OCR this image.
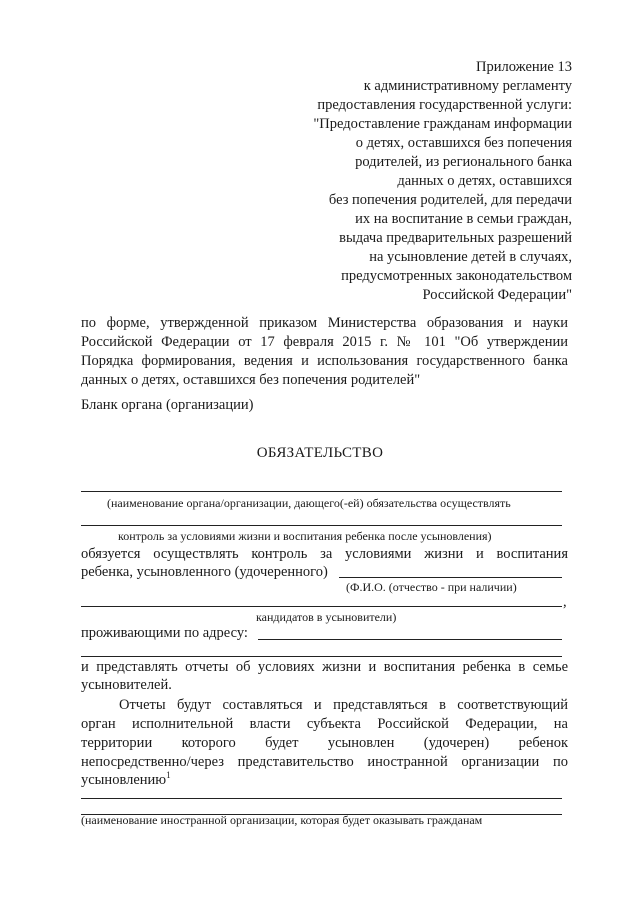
Приложение 13

к административному регламенту

предоставления государственной услуги:

"Предоставление гражданам информации

о детях, оставшихся без попечения

родителей, из регионального банка

данных о детях, оставшихся

без попечения родителей, для передачи

их на воспитание в семьи граждан,

выдача предварительных разрешений

на усыновление детей в случаях,

предусмотренных законодательством

Российской Федерации"

по форме, утвержденной приказом Министерства образования и науки

Российской Федерации от 17 февраля 2015 г. № 101 "Об утверждении

Порядка формирования, ведения и использования государственного банка

данных о детях, оставшихся без попечения родителей"

Бланк органа (организации)

ОБЯЗАТЕЛЬСТВО

(наименование органа/организации, дающего(-ей) обязательства осуществлять

контроль за условиями жизни и воспитания ребенка после усыновления)

обязуется осуществлять контроль за условиями жизни и воспитания

ребенка, усыновленного (удочеренного)

(Ф.И.О. (отчество - при наличии)

,

кандидатов в усыновители)

проживающими по адресу:

и представлять отчеты об условиях жизни и воспитания ребенка в семье

усыновителей.

Отчеты будут составляться и представляться в соответствующий

орган исполнительной власти субъекта Российской Федерации, на

территории которого будет усыновлен (удочерен) ребенок

непосредственно/через представительство иностранной организации по

усыновлению$^1$

(наименование иностранной организации, которая будет оказывать гражданам
